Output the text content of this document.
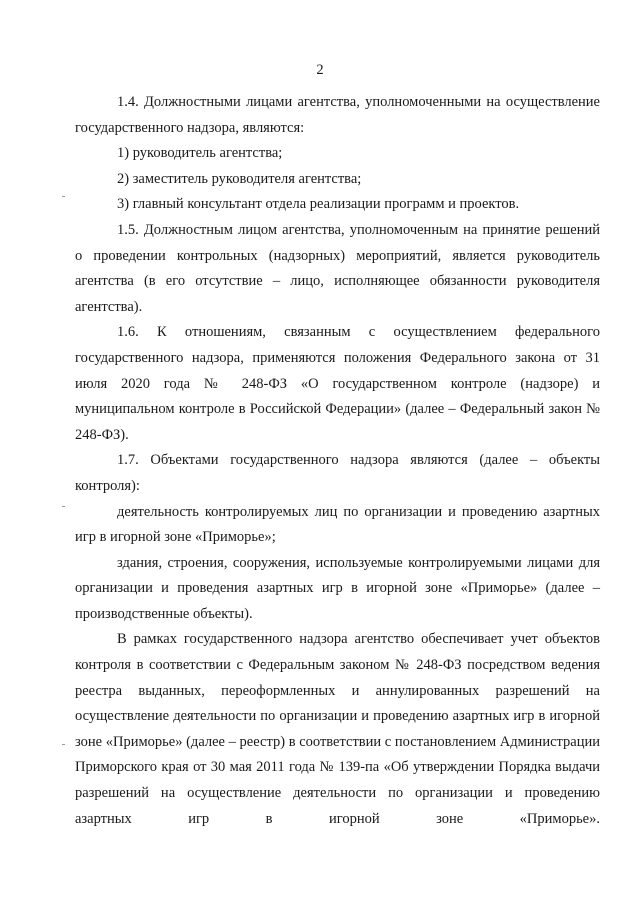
2

1.4. Должностными лицами агентства, уполномоченными на осуществление государственного надзора, являются:

1) руководитель агентства;

2) заместитель руководителя агентства;

3) главный консультант отдела реализации программ и проектов.

1.5. Должностным лицом агентства, уполномоченным на принятие решений о проведении контрольных (надзорных) мероприятий, является руководитель агентства (в его отсутствие – лицо, исполняющее обязанности руководителя агентства).

1.6. К отношениям, связанным с осуществлением федерального государственного надзора, применяются положения Федерального закона от 31 июля 2020 года № 248-ФЗ «О государственном контроле (надзоре) и муниципальном контроле в Российской Федерации» (далее – Федеральный закон № 248-ФЗ).

1.7. Объектами государственного надзора являются (далее – объекты контроля):

деятельность контролируемых лиц по организации и проведению азартных игр в игорной зоне «Приморье»;

здания, строения, сооружения, используемые контролируемыми лицами для организации и проведения азартных игр в игорной зоне «Приморье» (далее – производственные объекты).

В рамках государственного надзора агентство обеспечивает учет объектов контроля в соответствии с Федеральным законом № 248-ФЗ посредством ведения реестра выданных, переоформленных и аннулированных разрешений на осуществление деятельности по организации и проведению азартных игр в игорной зоне «Приморье» (далее – реестр) в соответствии с постановлением Администрации Приморского края от 30 мая 2011 года № 139-па «Об утверждении Порядка выдачи разрешений на осуществление деятельности по организации и проведению азартных игр в игорной зоне «Приморье».
